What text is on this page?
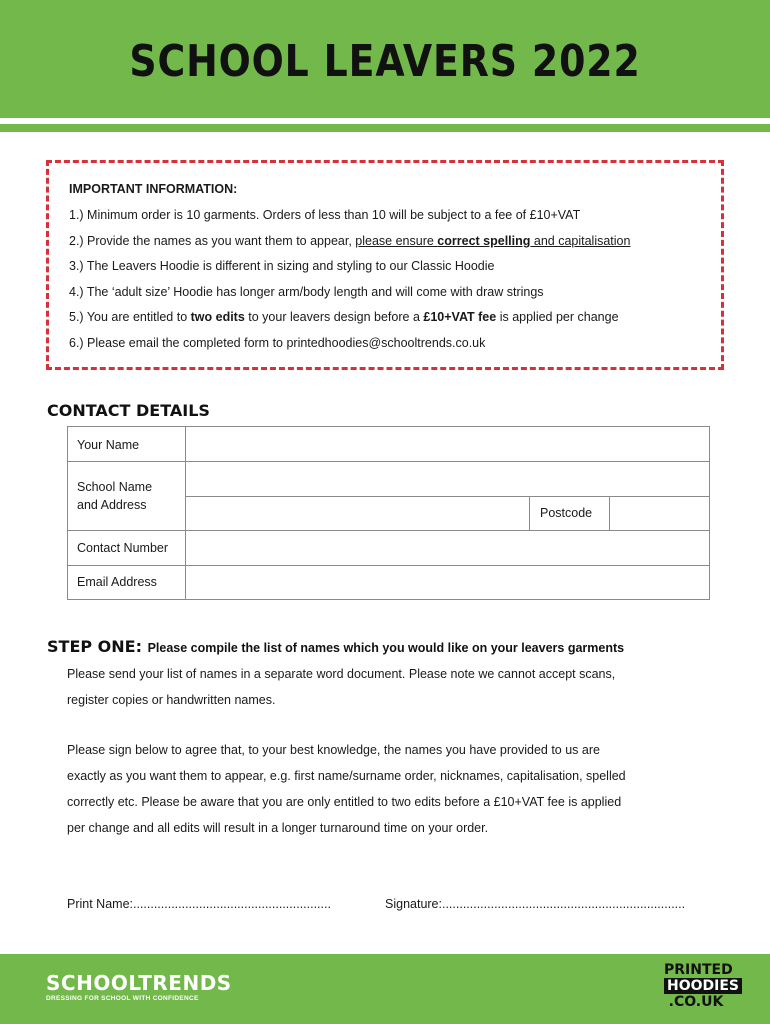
SCHOOL LEAVERS 2022
IMPORTANT INFORMATION:
1.) Minimum order is 10 garments. Orders of less than 10 will be subject to a fee of £10+VAT
2.) Provide the names as you want them to appear, please ensure correct spelling and capitalisation
3.) The Leavers Hoodie is different in sizing and styling to our Classic Hoodie
4.) The ‘adult size’ Hoodie has longer arm/body length and will come with draw strings
5.) You are entitled to two edits to your leavers design before a £10+VAT fee is applied per change
6.) Please email the completed form to printedhoodies@schooltrends.co.uk
CONTACT DETAILS
Your Name
School Name
and Address
Postcode
Contact Number
Email Address
STEP ONE: Please compile the list of names which you would like on your leavers garments
Please send your list of names in a separate word document. Please note we cannot accept scans,
register copies or handwritten names.
Please sign below to agree that, to your best knowledge, the names you have provided to us are
exactly as you want them to appear, e.g. first name/surname order, nicknames, capitalisation, spelled
correctly etc. Please be aware that you are only entitled to two edits before a £10+VAT fee is applied
per change and all edits will result in a longer turnaround time on your order.
Print Name:.........................................................	Signature:......................................................................
SCHOOLTRENDS
DRESSING FOR SCHOOL WITH CONFIDENCE
PRINTED
HOODIES
.CO.UK
